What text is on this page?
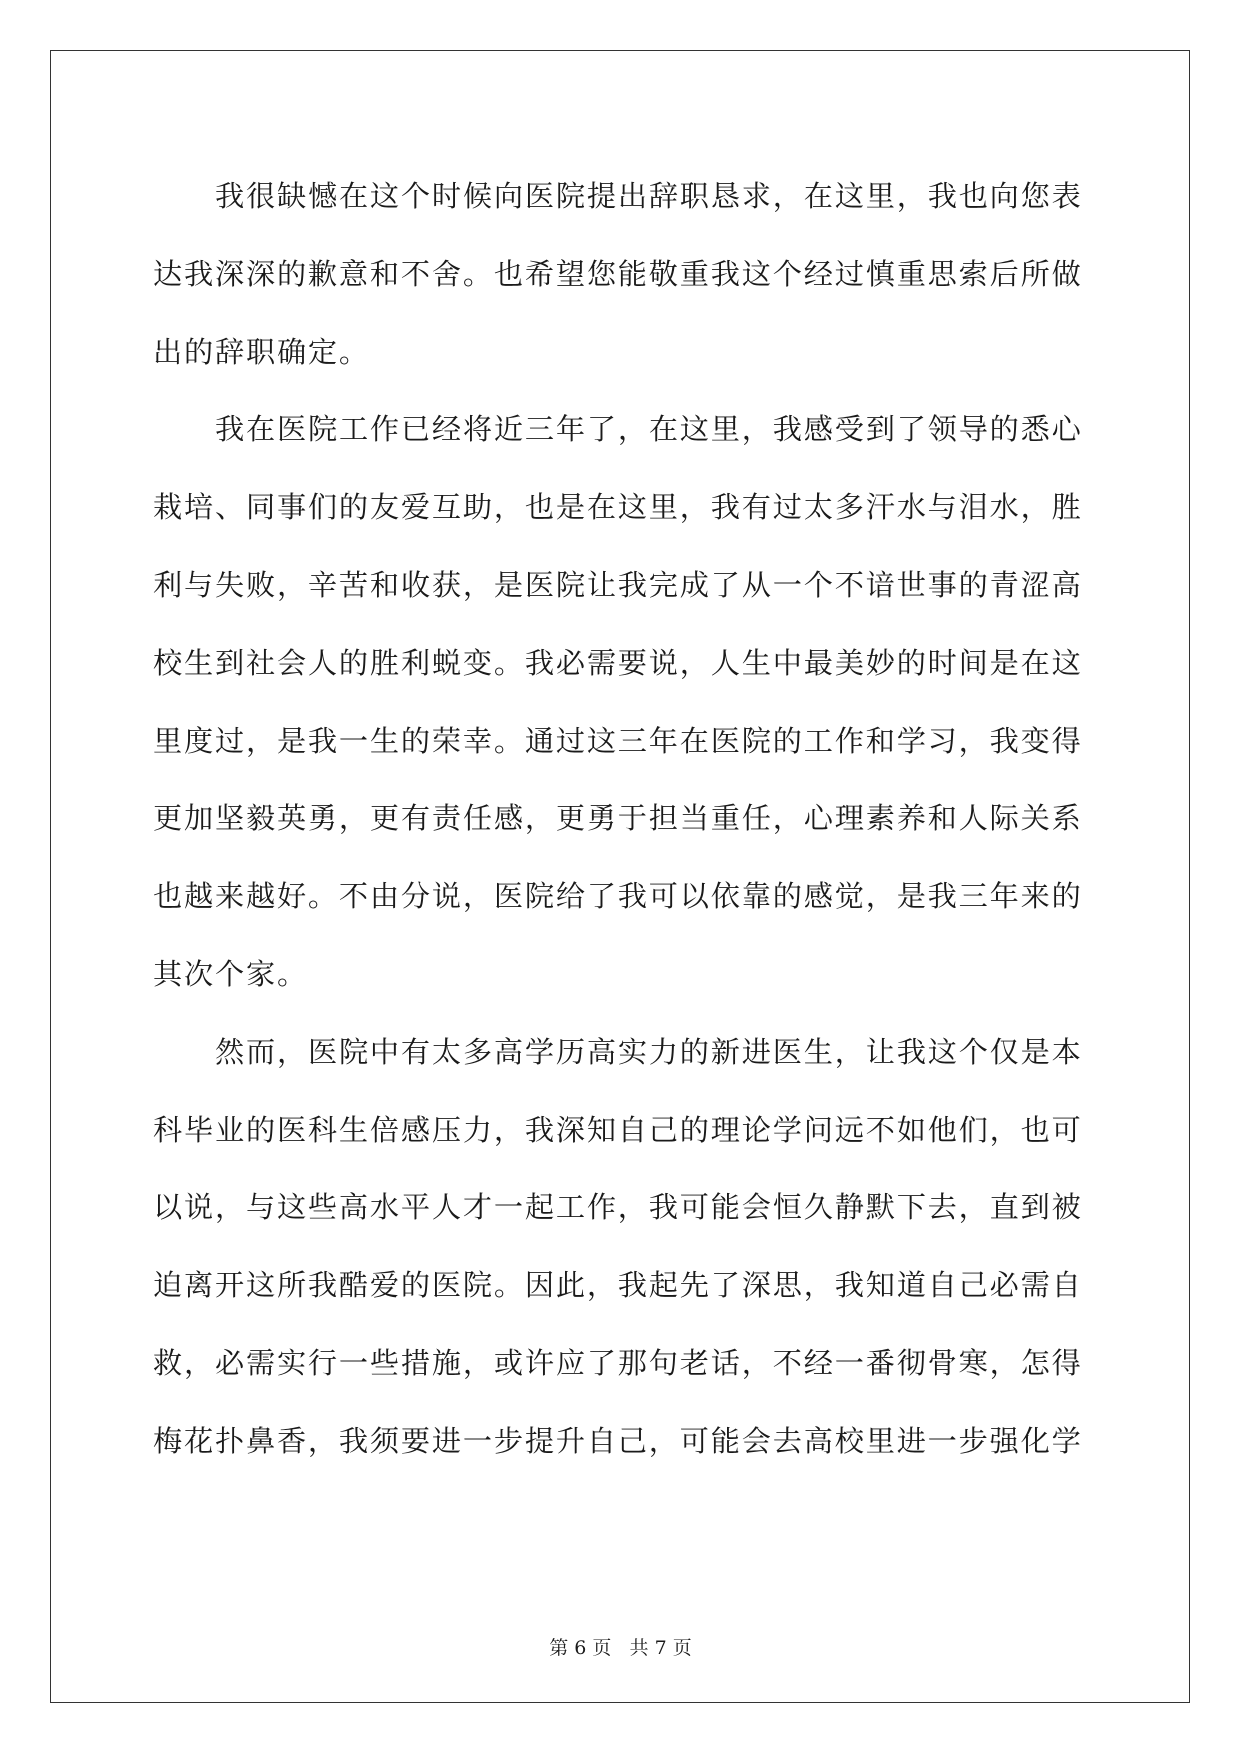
我很缺憾在这个时候向医院提出辞职恳求，在这里，我也向您表
达我深深的歉意和不舍。也希望您能敬重我这个经过慎重思索后所做
出的辞职确定。
我在医院工作已经将近三年了，在这里，我感受到了领导的悉心
栽培、同事们的友爱互助，也是在这里，我有过太多汗水与泪水，胜
利与失败，辛苦和收获，是医院让我完成了从一个不谙世事的青涩高
校生到社会人的胜利蜕变。我必需要说，人生中最美妙的时间是在这
里度过，是我一生的荣幸。通过这三年在医院的工作和学习，我变得
更加坚毅英勇，更有责任感，更勇于担当重任，心理素养和人际关系
也越来越好。不由分说，医院给了我可以依靠的感觉，是我三年来的
其次个家。
然而，医院中有太多高学历高实力的新进医生，让我这个仅是本
科毕业的医科生倍感压力，我深知自己的理论学问远不如他们，也可
以说，与这些高水平人才一起工作，我可能会恒久静默下去，直到被
迫离开这所我酷爱的医院。因此，我起先了深思，我知道自己必需自
救，必需实行一些措施，或许应了那句老话，不经一番彻骨寒，怎得
梅花扑鼻香，我须要进一步提升自己，可能会去高校里进一步强化学
第 6 页   共 7 页
